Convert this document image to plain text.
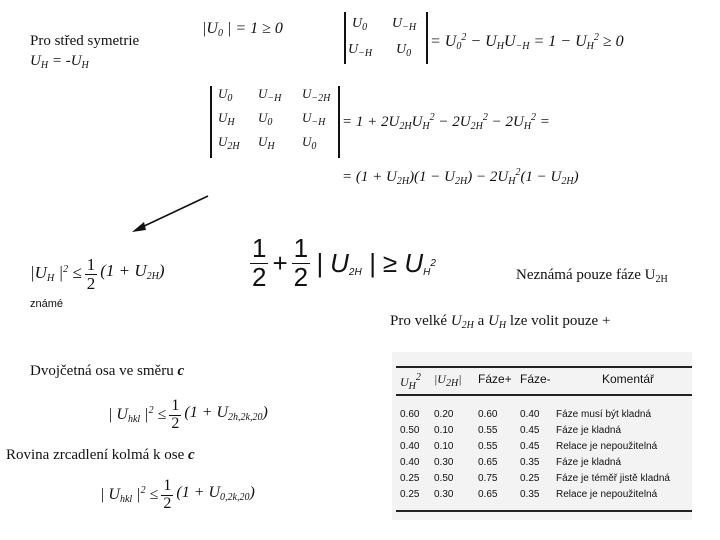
Pro střed symetrie
$U_H = -U_H$
$|U_0$ | = 1 ≥ 0	$U_0$ $U_{-H}$
$U_{-H}$ $U_0$
= $U_0^2 - U_HU_{-H} = 1 - U_H^2 \ge 0$
$U_0$ $U_{-H}$ $U_{-2H}$
$U_H$ $U_0$ $U_{-H}$
$U_{2H}$ $U_H$ $U_0$
= $1 + 2U_{2H}U_H^2 - 2U_{2H}^2 - 2U_H^2$ =
= $(1 + U_{2H})(1 - U_{2H}) - 2U_H^2(1 - U_{2H})$
$|U_H$ $|^2 \le \frac{1}{2} (1 + U_{2H})$
známé
$\frac{1}{2} + \frac{1}{2}$ | $U_{2H}$ | ≥ $U_H^2$
Neznámá pouze fáze $U_{2H}$
Pro velké $U_{2H}$ a $U_H$ lze volit pouze +
Dvojčetná osa ve směru c
| $U_{hkl}$ $|^2 \le \frac{1}{2} (1 + U_{2h,2k,20})$
Rovina zrcadlení kolmá k ose c
| $U_{hkl}$ $|^2 \le \frac{1}{2} (1 + U_{0,2k,20})$
$U_H^2$ $|U_{2H}|$ Fáze+ Fáze-	Komentář
0.60 0.20 0.60 0.40 Fáze musí být kladná
0.50 0.10 0.55 0.45 Fáze je kladná
0.40 0.10 0.55 0.45 Relace je nepoužitelná
0.40 0.30 0.65 0.35 Fáze je kladná
0.25 0.50 0.75 0.25 Fáze je téměř jistě kladná
0.25 0.30 0.65 0.35 Relace je nepoužitelná
